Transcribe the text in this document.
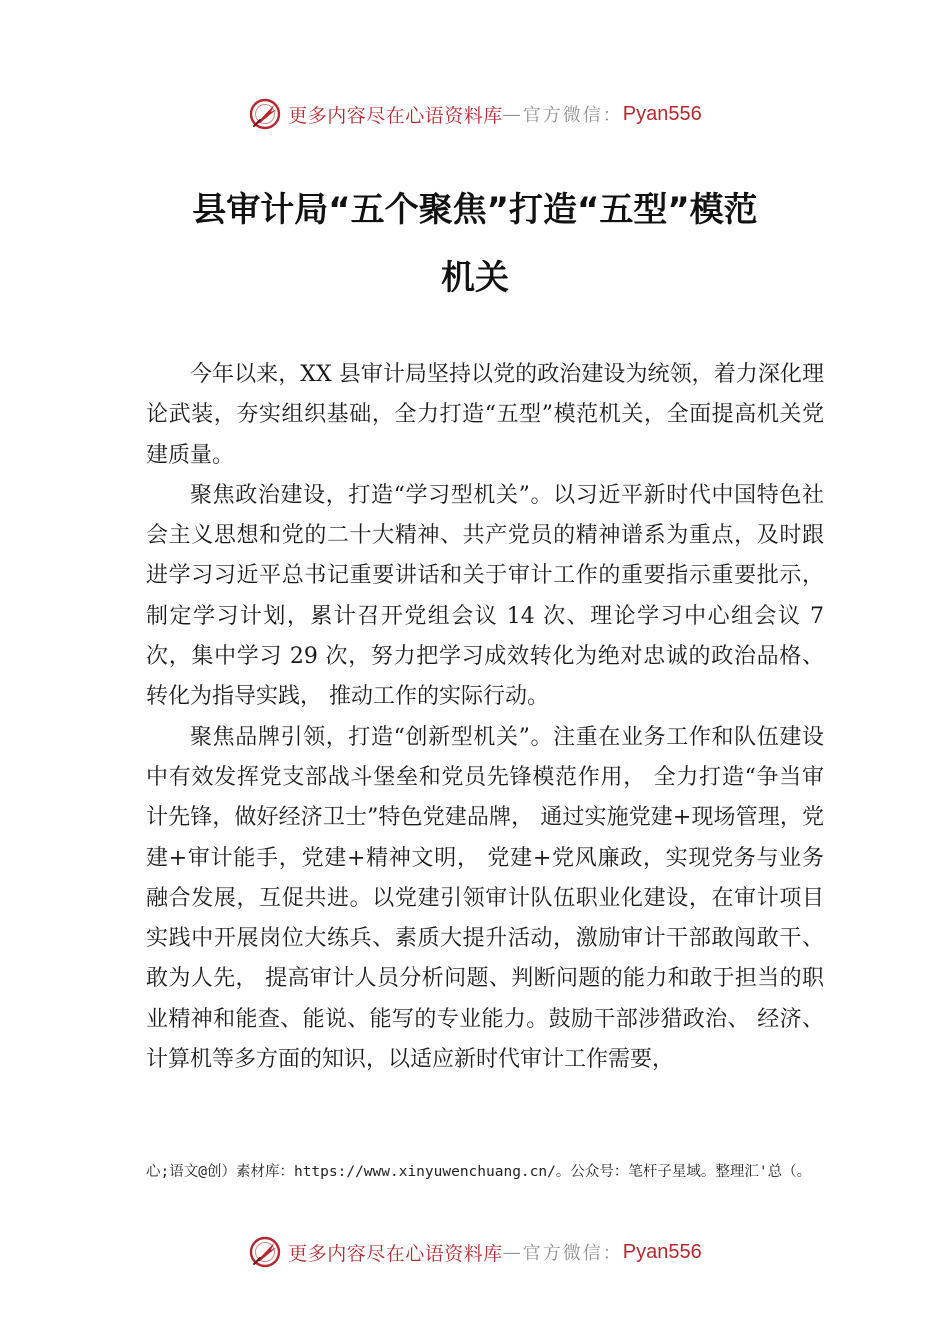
更多内容尽在心语资料库 — 官方微信： Pyan556
县审计局“五个聚焦”打造“五型”模范
机关

今年以来，XX 县审计局坚持以党的政治建设为统领，着力深化理论武装，夯实组织基础，全力打造“五型”模范机关，全面提高机关党建质量。

聚焦政治建设，打造“学习型机关”。以习近平新时代中国特色社会主义思想和党的二十大精神、共产党员的精神谱系为重点，及时跟进学习习近平总书记重要讲话和关于审计工作的重要指示重要批示，制定学习计划，累计召开党组会议 14 次、理论学习中心组会议 7 次，集中学习 29 次，努力把学习成效转化为绝对忠诚的政治品格、转化为指导实践， 推动工作的实际行动。

聚焦品牌引领，打造“创新型机关”。注重在业务工作和队伍建设中有效发挥党支部战斗堡垒和党员先锋模范作用， 全力打造“争当审计先锋，做好经济卫士”特色党建品牌， 通过实施党建+现场管理，党建+审计能手，党建+精神文明， 党建+党风廉政，实现党务与业务融合发展，互促共进。以党建引领审计队伍职业化建设，在审计项目实践中开展岗位大练兵、素质大提升活动，激励审计干部敢闯敢干、敢为人先， 提高审计人员分析问题、判断问题的能力和敢于担当的职业精神和能查、能说、能写的专业能力。鼓励干部涉猎政治、 经济、计算机等多方面的知识，以适应新时代审计工作需要，

心;语文@创）素材库：https://www.xinyuwenchuang.cn/。公众号：笔杆子星域。整理汇'总（。
更多内容尽在心语资料库 — 官方微信： Pyan556
